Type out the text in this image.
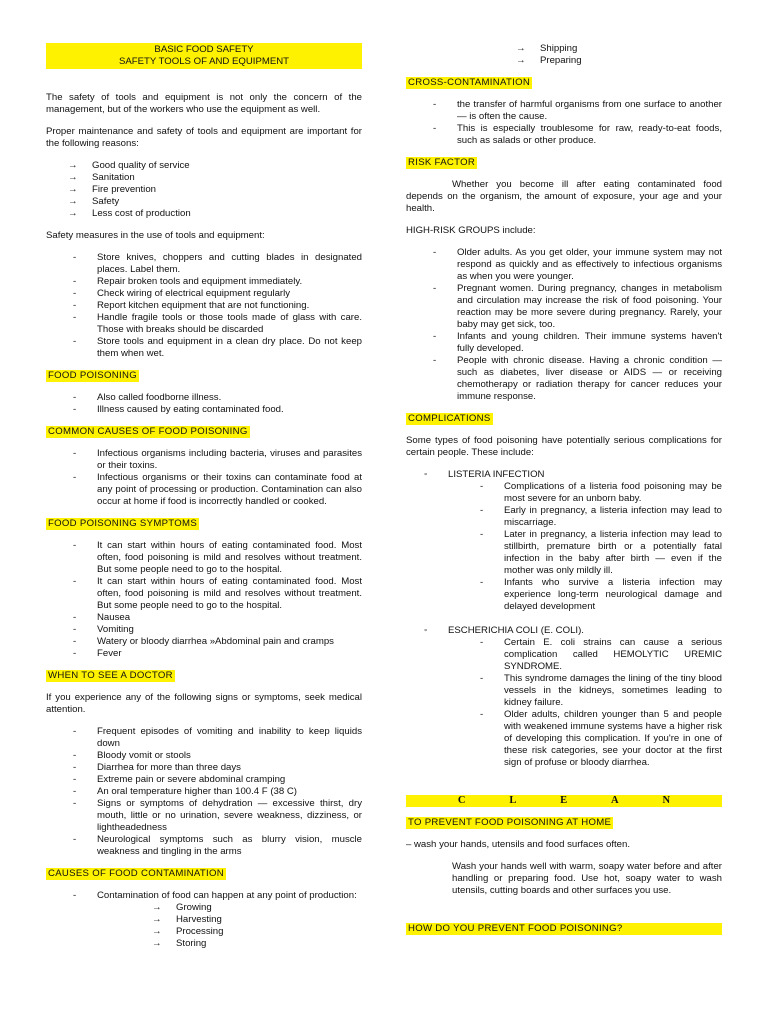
BASIC FOOD SAFETY
SAFETY TOOLS OF AND EQUIPMENT

The safety of tools and equipment is not only the concern of the management, but of the workers who use the equipment as well.

Proper maintenance and safety of tools and equipment are important for the following reasons:

→ Good quality of service
→ Sanitation
→ Fire prevention
→ Safety
→ Less cost of production

Safety measures in the use of tools and equipment:

- Store knives, choppers and cutting blades in designated places. Label them.
- Repair broken tools and equipment immediately.
- Check wiring of electrical equipment regularly
- Report kitchen equipment that are not functioning.
- Handle fragile tools or those tools made of glass with care. Those with breaks should be discarded
- Store tools and equipment in a clean dry place. Do not keep them when wet.
FOOD POISONING
- Also called foodborne illness.
- Illness caused by eating contaminated food.
COMMON CAUSES OF FOOD POISONING
- Infectious organisms including bacteria, viruses and parasites or their toxins.
- Infectious organisms or their toxins can contaminate food at any point of processing or production. Contamination can also occur at home if food is incorrectly handled or cooked.
FOOD POISONING SYMPTOMS
- It can start within hours of eating contaminated food. Most often, food poisoning is mild and resolves without treatment. But some people need to go to the hospital.
- It can start within hours of eating contaminated food. Most often, food poisoning is mild and resolves without treatment. But some people need to go to the hospital.
- Nausea
- Vomiting
- Watery or bloody diarrhea »Abdominal pain and cramps
- Fever
WHEN TO SEE A DOCTOR

If you experience any of the following signs or symptoms, seek medical attention.

- Frequent episodes of vomiting and inability to keep liquids down
- Bloody vomit or stools
- Diarrhea for more than three days
- Extreme pain or severe abdominal cramping
- An oral temperature higher than 100.4 F (38 C)
- Signs or symptoms of dehydration — excessive thirst, dry mouth, little or no urination, severe weakness, dizziness, or lightheadedness
- Neurological symptoms such as blurry vision, muscle weakness and tingling in the arms
CAUSES OF FOOD CONTAMINATION
- Contamination of food can happen at any point of production:
→ Growing
→ Harvesting
→ Processing
→ Storing
→ Shipping
→ Preparing
CROSS-CONTAMINATION
- the transfer of harmful organisms from one surface to another — is often the cause.
- This is especially troublesome for raw, ready-to-eat foods, such as salads or other produce.
RISK FACTOR

Whether you become ill after eating contaminated food depends on the organism, the amount of exposure, your age and your health.

HIGH-RISK GROUPS include:

- Older adults. As you get older, your immune system may not respond as quickly and as effectively to infectious organisms as when you were younger.
- Pregnant women. During pregnancy, changes in metabolism and circulation may increase the risk of food poisoning. Your reaction may be more severe during pregnancy. Rarely, your baby may get sick, too.
- Infants and young children. Their immune systems haven't fully developed.
- People with chronic disease. Having a chronic condition — such as diabetes, liver disease or AIDS — or receiving chemotherapy or radiation therapy for cancer reduces your immune response.
COMPLICATIONS

Some types of food poisoning have potentially serious complications for certain people. These include:

◦ LISTERIA INFECTION
- Complications of a listeria food poisoning may be most severe for an unborn baby.
- Early in pregnancy, a listeria infection may lead to miscarriage.
- Later in pregnancy, a listeria infection may lead to stillbirth, premature birth or a potentially fatal infection in the baby after birth — even if the mother was only mildly ill.
- Infants who survive a listeria infection may experience long-term neurological damage and delayed development
◦ ESCHERICHIA COLI (E. COLI).
- Certain E. coli strains can cause a serious complication called HEMOLYTIC UREMIC SYNDROME.
- This syndrome damages the lining of the tiny blood vessels in the kidneys, sometimes leading to kidney failure.
- Older adults, children younger than 5 and people with weakened immune systems have a higher risk of developing this complication. If you're in one of these risk categories, see your doctor at the first sign of profuse or bloody diarrhea.
C	L	E	A	N
TO PREVENT FOOD POISONING AT HOME

– wash your hands, utensils and food surfaces often.

Wash your hands well with warm, soapy water before and after handling or preparing food. Use hot, soapy water to wash utensils, cutting boards and other surfaces you use.

HOW DO YOU PREVENT FOOD POISONING?
